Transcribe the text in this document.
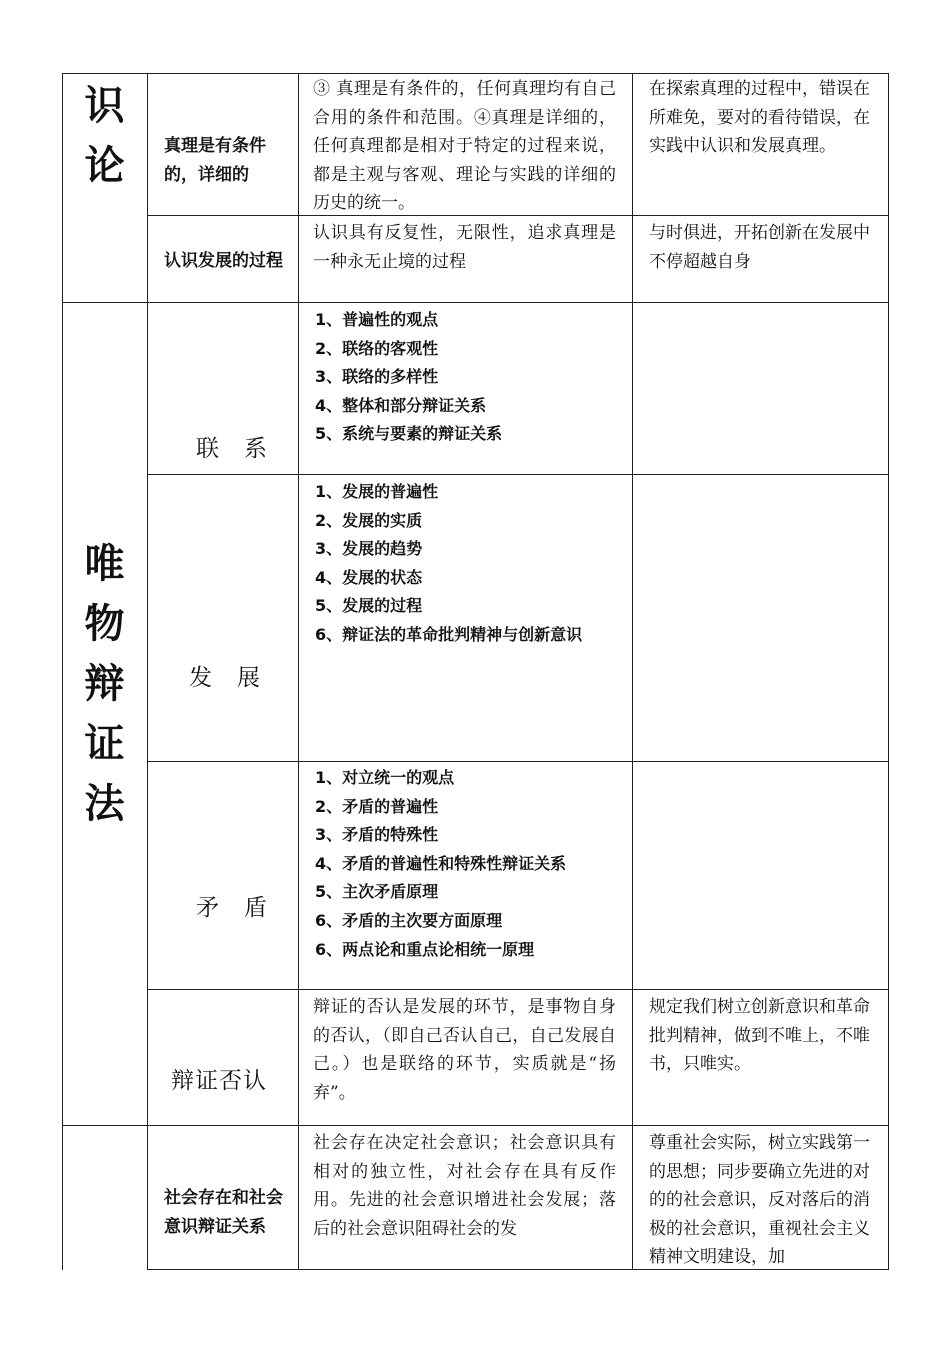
识
论	真理是有条件的，详细的
③ 真理是有条件的，任何真理均有自己合用的条件和范围。④真理是详细的，任何真理都是相对于特定的过程来说，都是主观与客观、理论与实践的详细的历史的统一。
在探索真理的过程中，错误在所难免，要对的看待错误，在实践中认识和发展真理。
认识发展的过程
认识具有反复性，无限性，追求真理是一种永无止境的过程
与时俱进，开拓创新在发展中不停超越自身
唯
物
辩
证
法
联　系
1、普遍性的观点
2、联络的客观性
3、联络的多样性
4、整体和部分辩证关系
5、系统与要素的辩证关系
发　展
1、发展的普遍性
2、发展的实质
3、发展的趋势
4、发展的状态
5、发展的过程
6、辩证法的革命批判精神与创新意识
矛　盾
1、对立统一的观点
2、矛盾的普遍性
3、矛盾的特殊性
4、矛盾的普遍性和特殊性辩证关系
5、主次矛盾原理
6、矛盾的主次要方面原理
6、两点论和重点论相统一原理
辩证否认
辩证的否认是发展的环节，是事物自身的否认，（即自己否认自己，自己发展自己。）也是联络的环节，实质就是“扬弃”。
规定我们树立创新意识和革命批判精神，做到不唯上，不唯书，只唯实。
社会存在和社会意识辩证关系
社会存在决定社会意识；社会意识具有相对的独立性，对社会存在具有反作用。先进的社会意识增进社会发展；落后的社会意识阻碍社会的发
尊重社会实际，树立实践第一的思想；同步要确立先进的对的的社会意识，反对落后的消极的社会意识，重视社会主义精神文明建设，加
